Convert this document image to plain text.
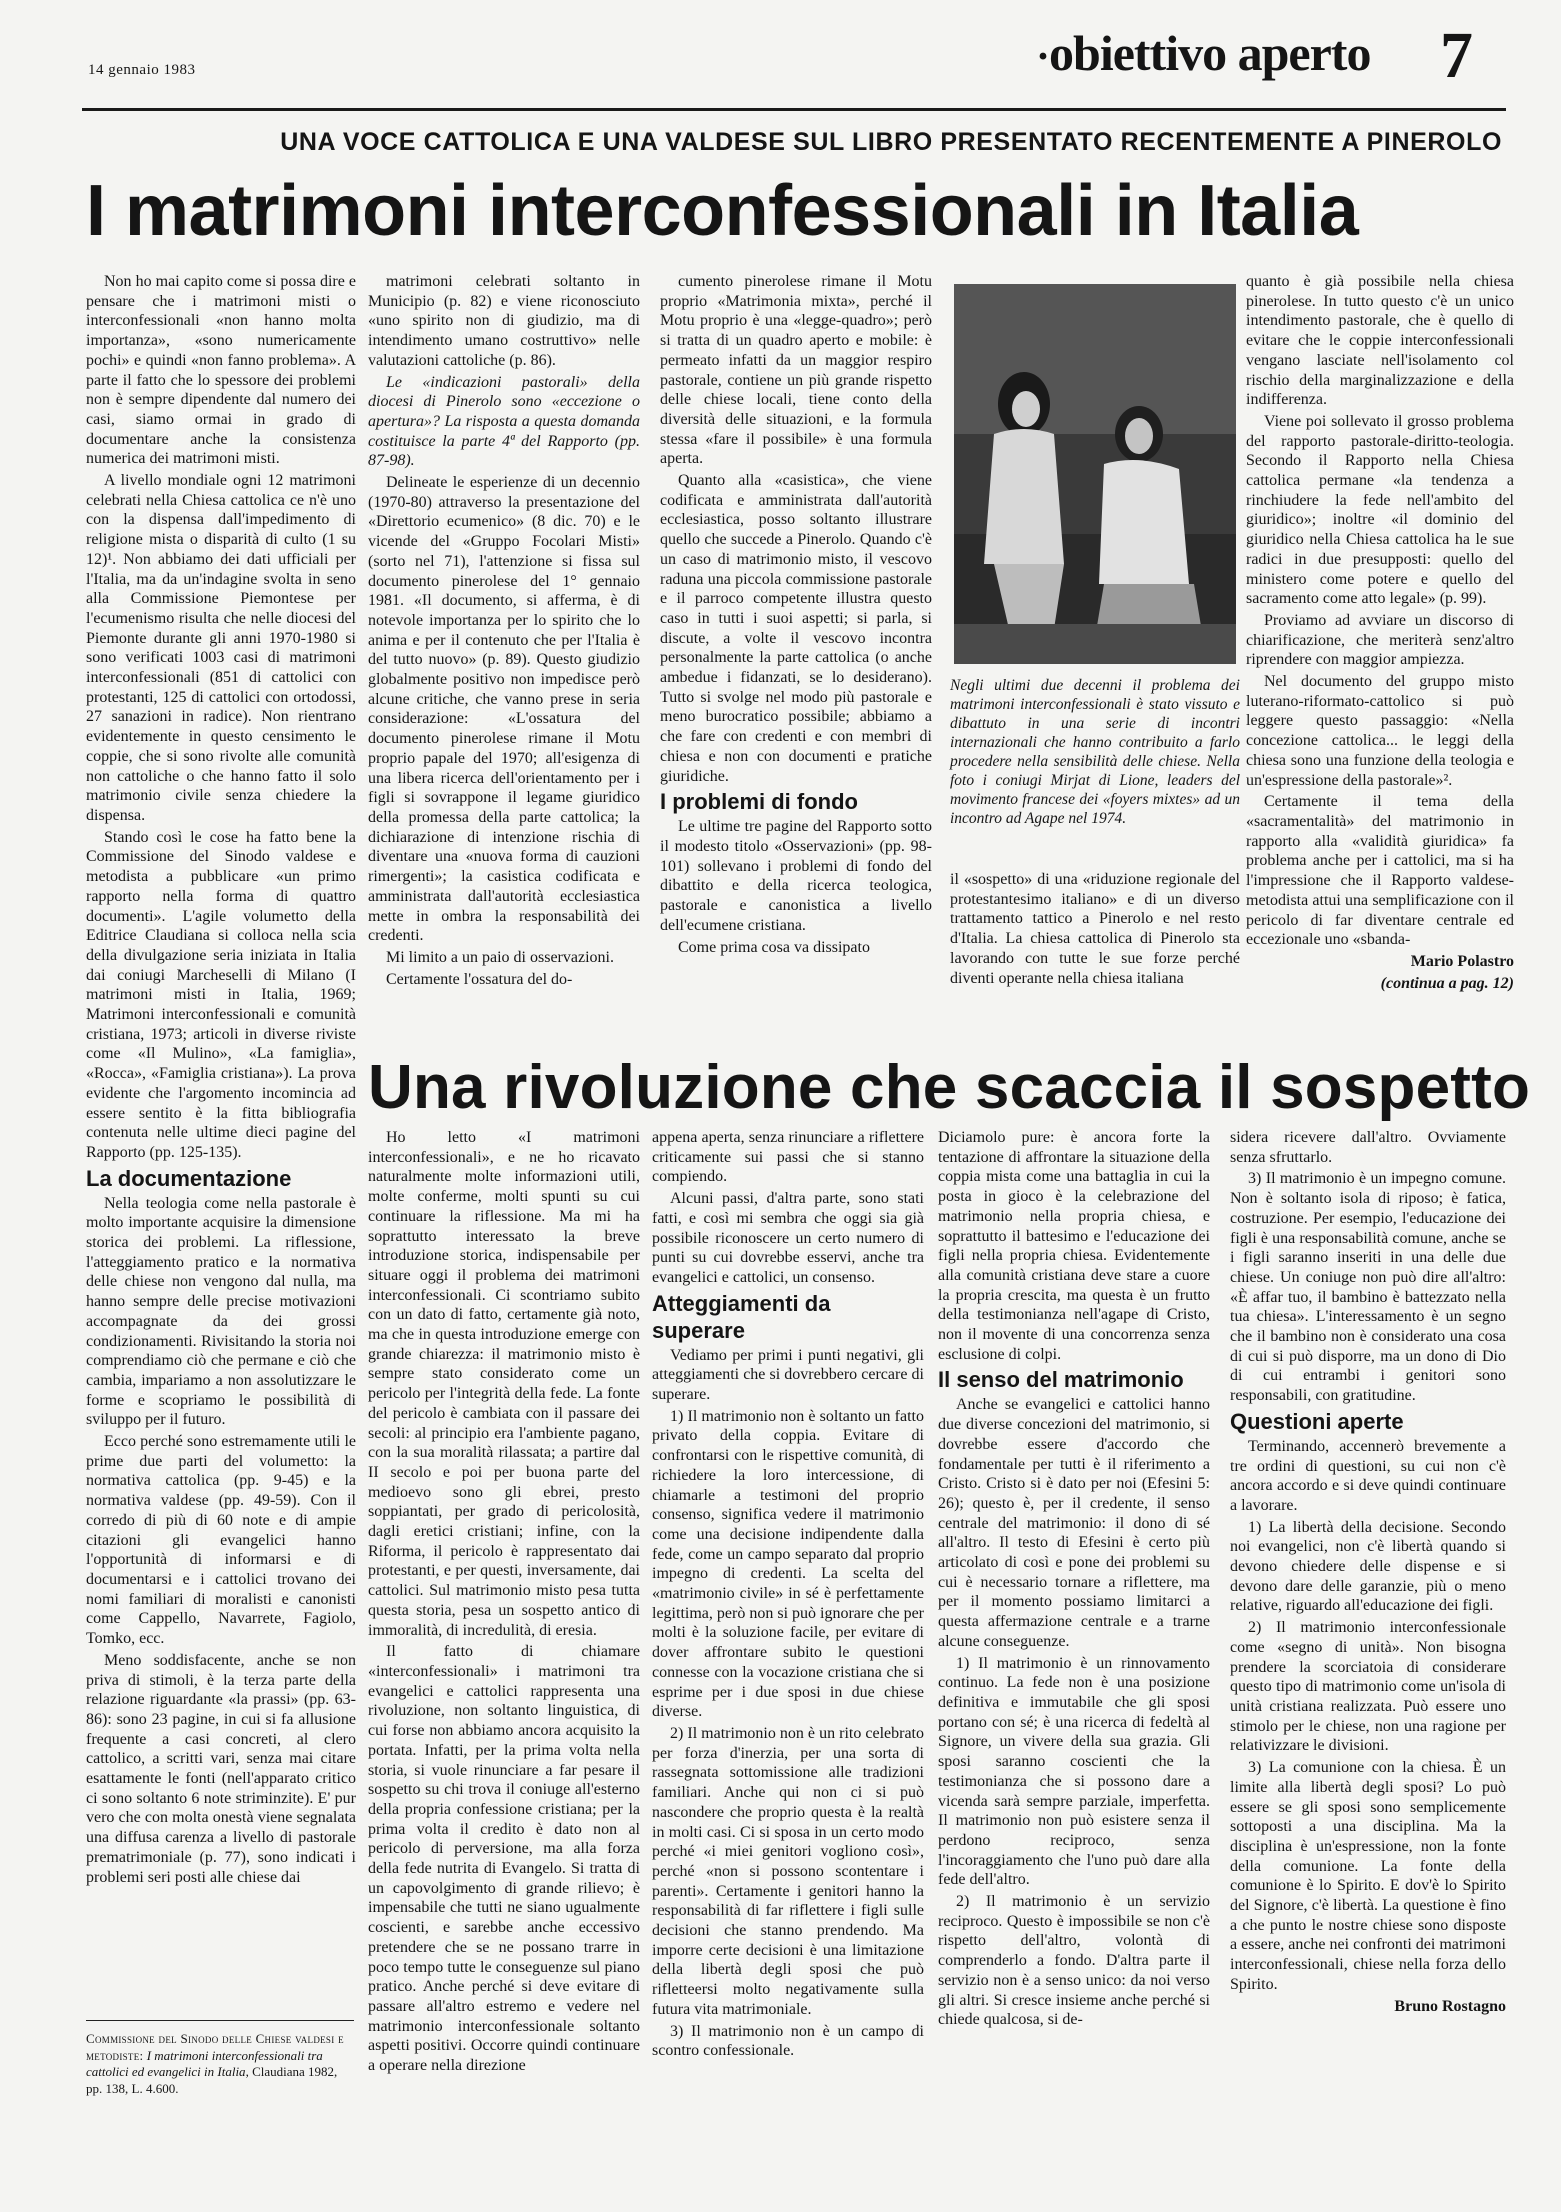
14 gennaio 1983	·obiettivo aperto 7
UNA VOCE CATTOLICA E UNA VALDESE SUL LIBRO PRESENTATO RECENTEMENTE A PINEROLO
I matrimoni interconfessionali in Italia

Non ho mai capito come si possa dire e pensare che i matrimoni misti o interconfessionali «non hanno molta importanza», «sono numericamente pochi» e quindi «non fanno problema». A parte il fatto che lo spessore dei problemi non è sempre dipendente dal numero dei casi, siamo ormai in grado di documentare anche la consistenza numerica dei matrimoni misti.

A livello mondiale ogni 12 matrimoni celebrati nella Chiesa cattolica ce n'è uno con la dispensa dall'impedimento di religione mista o disparità di culto (1 su 12)¹. Non abbiamo dei dati ufficiali per l'Italia, ma da un'indagine svolta in seno alla Commissione Piemontese per l'ecumenismo risulta che nelle diocesi del Piemonte durante gli anni 1970-1980 si sono verificati 1003 casi di matrimoni interconfessionali (851 di cattolici con protestanti, 125 di cattolici con ortodossi, 27 sanazioni in radice). Non rientrano evidentemente in questo censimento le coppie, che si sono rivolte alle comunità non cattoliche o che hanno fatto il solo matrimonio civile senza chiedere la dispensa.

Stando così le cose ha fatto bene la Commissione del Sinodo valdese e metodista a pubblicare «un primo rapporto nella forma di quattro documenti». L'agile volumetto della Editrice Claudiana si colloca nella scia della divulgazione seria iniziata in Italia dai coniugi Marcheselli di Milano (I matrimoni misti in Italia, 1969; Matrimoni interconfessionali e comunità cristiana, 1973; articoli in diverse riviste come «Il Mulino», «La famiglia», «Rocca», «Famiglia cristiana»). La prova evidente che l'argomento incomincia ad essere sentito è la fitta bibliografia contenuta nelle ultime dieci pagine del Rapporto (pp. 125-135).

La documentazione

Nella teologia come nella pastorale è molto importante acquisire la dimensione storica dei problemi. La riflessione, l'atteggiamento pratico e la normativa delle chiese non vengono dal nulla, ma hanno sempre delle precise motivazioni accompagnate da dei grossi condizionamenti. Rivisitando la storia noi comprendiamo ciò che permane e ciò che cambia, impariamo a non assolutizzare le forme e scopriamo le possibilità di sviluppo per il futuro.

Ecco perché sono estremamente utili le prime due parti del volumetto: la normativa cattolica (pp. 9-45) e la normativa valdese (pp. 49-59). Con il corredo di più di 60 note e di ampie citazioni gli evangelici hanno l'opportunità di informarsi e di documentarsi e i cattolici trovano dei nomi familiari di moralisti e canonisti come Cappello, Navarrete, Fagiolo, Tomko, ecc.

Meno soddisfacente, anche se non priva di stimoli, è la terza parte della relazione riguardante «la prassi» (pp. 63-86): sono 23 pagine, in cui si fa allusione frequente a casi concreti, al clero cattolico, a scritti vari, senza mai citare esattamente le fonti (nell'apparato critico ci sono soltanto 6 note striminzite). E' pur vero che con molta onestà viene segnalata una diffusa carenza a livello di pastorale prematrimoniale (p. 77), sono indicati i problemi seri posti alle chiese dai

matrimoni celebrati soltanto in Municipio (p. 82) e viene riconosciuto «uno spirito non di giudizio, ma di intendimento umano costruttivo» nelle valutazioni cattoliche (p. 86).

Le «indicazioni pastorali» della diocesi di Pinerolo sono «eccezione o apertura»? La risposta a questa domanda costituisce la parte 4ª del Rapporto (pp. 87-98).

Delineate le esperienze di un decennio (1970-80) attraverso la presentazione del «Direttorio ecumenico» (8 dic. 70) e le vicende del «Gruppo Focolari Misti» (sorto nel 71), l'attenzione si fissa sul documento pinerolese del 1° gennaio 1981. «Il documento, si afferma, è di notevole importanza per lo spirito che lo anima e per il contenuto che per l'Italia è del tutto nuovo» (p. 89). Questo giudizio globalmente positivo non impedisce però alcune critiche, che vanno prese in seria considerazione: «L'ossatura del documento pinerolese rimane il Motu proprio papale del 1970; all'esigenza di una libera ricerca dell'orientamento per i figli si sovrappone il legame giuridico della promessa della parte cattolica; la dichiarazione di intenzione rischia di diventare una «nuova forma di cauzioni rimergenti»; la casistica codificata e amministrata dall'autorità ecclesiastica mette in ombra la responsabilità dei credenti.

Mi limito a un paio di osservazioni.

Certamente l'ossatura del do-

cumento pinerolese rimane il Motu proprio «Matrimonia mixta», perché il Motu proprio è una «leggе-quadro»; però si tratta di un quadro aperto e mobile: è permeato infatti da un maggior respiro pastorale, contiene un più grande rispetto delle chiese locali, tiene conto della diversità delle situazioni, e la formula stessa «fare il possibile» è una formula aperta.

Quanto alla «casistica», che viene codificata e amministrata dall'autorità ecclesiastica, posso soltanto illustrare quello che succede a Pinerolo. Quando c'è un caso di matrimonio misto, il vescovo raduna una piccola commissione pastorale e il parroco competente illustra questo caso in tutti i suoi aspetti; si parla, si discute, a volte il vescovo incontra personalmente la parte cattolica (o anche ambedue i fidanzati, se lo desiderano). Tutto si svolge nel modo più pastorale e meno burocratico possibile; abbiamo a che fare con credenti e con membri di chiesa e non con documenti e pratiche giuridiche.

I problemi di fondo

Le ultime tre pagine del Rapporto sotto il modesto titolo «Osservazioni» (pp. 98-101) sollevano i problemi di fondo del dibattito e della ricerca teologica, pastorale e canonistica a livello dell'ecumene cristiana.

Come prima cosa va dissipato

Negli ultimi due decenni il problema dei matrimoni interconfessionali è stato vissuto e dibattuto in una serie di incontri internazionali che hanno contribuito a farlo procedere nella sensibilità delle chiese. Nella foto i coniugi Mirjat di Lione, leaders del movimento francese dei «foyers mixtes» ad un incontro ad Agape nel 1974.

il «sospetto» di una «riduzione regionale del protestantesimo italiano» e di un diverso trattamento tattico a Pinerolo e nel resto d'Italia. La chiesa cattolica di Pinerolo sta lavorando con tutte le sue forze perché diventi operante nella chiesa italiana

quanto è già possibile nella chiesa pinerolese. In tutto questo c'è un unico intendimento pastorale, che è quello di evitare che le coppie interconfessionali vengano lasciate nell'isolamento col rischio della marginalizzazione e della indifferenza.

Viene poi sollevato il grosso problema del rapporto pastorale-diritto-teologia. Secondo il Rapporto nella Chiesa cattolica permane «la tendenza a rinchiudere la fede nell'ambito del giuridico»; inoltre «il dominio del giuridico nella Chiesa cattolica ha le sue radici in due presupposti: quello del ministero come potere e quello del sacramento come atto legale» (p. 99).

Proviamo ad avviare un discorso di chiarificazione, che meriterà senz'altro riprendere con maggior ampiezza.

Nel documento del gruppo misto luterano-riformato-cattolico si può leggere questo passaggio: «Nella concezione cattolica... le leggi della chiesa sono una funzione della teologia e un'espressione della pastorale»².

Certamente il tema della «sacramentalità» del matrimonio in rapporto alla «validità giuridica» fa problema anche per i cattolici, ma si ha l'impressione che il Rapporto valdese-metodista attui una semplificazione con il pericolo di far diventare centrale ed eccezionale uno «sbanda-

Mario Polastro

(continua a pag. 12)

Commissione del Sinodo delle Chiese valdesi e metodiste: I matrimoni interconfessionali tra cattolici ed evangelici in Italia, Claudiana 1982, pp. 138, L. 4.600.
Una rivoluzione che scaccia il sospetto

Ho letto «I matrimoni interconfessionali», e ne ho ricavato naturalmente molte informazioni utili, molte conferme, molti spunti su cui continuare la riflessione. Ma mi ha soprattutto interessato la breve introduzione storica, indispensabile per situare oggi il problema dei matrimoni interconfessionali. Ci scontriamo subito con un dato di fatto, certamente già noto, ma che in questa introduzione emerge con grande chiarezza: il matrimonio misto è sempre stato considerato come un pericolo per l'integrità della fede. La fonte del pericolo è cambiata con il passare dei secoli: al principio era l'ambiente pagano, con la sua moralità rilassata; a partire dal II secolo e poi per buona parte del medioevo sono gli ebrei, presto soppiantati, per grado di pericolosità, dagli eretici cristiani; infine, con la Riforma, il pericolo è rappresentato dai protestanti, e per questi, inversamente, dai cattolici. Sul matrimonio misto pesa tutta questa storia, pesa un sospetto antico di immoralità, di incredulità, di eresia.

Il fatto di chiamare «interconfessionali» i matrimoni tra evangelici e cattolici rappresenta una rivoluzione, non soltanto linguistica, di cui forse non abbiamo ancora acquisito la portata. Infatti, per la prima volta nella storia, si vuole rinunciare a far pesare il sospetto su chi trova il coniuge all'esterno della propria confessione cristiana; per la prima volta il credito è dato non al pericolo di perversione, ma alla forza della fede nutrita di Evangelo. Si tratta di un capovolgimento di grande rilievo; è impensabile che tutti ne siano ugualmente coscienti, e sarebbe anche eccessivo pretendere che se ne possano trarre in poco tempo tutte le conseguenze sul piano pratico. Anche perché si deve evitare di passare all'altro estremo e vedere nel matrimonio interconfessionale soltanto aspetti positivi. Occorre quindi continuare a operare nella direzione

appena aperta, senza rinunciare a riflettere criticamente sui passi che si stanno compiendo.

Alcuni passi, d'altra parte, sono stati fatti, e così mi sembra che oggi sia già possibile riconoscere un certo numero di punti su cui dovrebbe esservi, anche tra evangelici e cattolici, un consenso.

Atteggiamenti da superare

Vediamo per primi i punti negativi, gli atteggiamenti che si dovrebbero cercare di superare.

1) Il matrimonio non è soltanto un fatto privato della coppia. Evitare di confrontarsi con le rispettive comunità, di richiedere la loro intercessione, di chiamarle a testimoni del proprio consenso, significa vedere il matrimonio come una decisione indipendente dalla fede, come un campo separato dal proprio impegno di credenti. La scelta del «matrimonio civile» in sé è perfettamente legittima, però non si può ignorare che per molti è la soluzione facile, per evitare di dover affrontare subito le questioni connesse con la vocazione cristiana che si esprime per i due sposi in due chiese diverse.

2) Il matrimonio non è un rito celebrato per forza d'inerzia, per una sorta di rassegnata sottomissione alle tradizioni familiari. Anche qui non ci si può nascondere che proprio questa è la realtà in molti casi. Ci si sposa in un certo modo perché «i miei genitori vogliono così», perché «non si possono scontentare i parenti». Certamente i genitori hanno la responsabilità di far riflettere i figli sulle decisioni che stanno prendendo. Ma imporre certe decisioni è una limitazione della libertà degli sposi che può rifletteersi molto negativamente sulla futura vita matrimoniale.

3) Il matrimonio non è un campo di scontro confessionale.

Diciamolo pure: è ancora forte la tentazione di affrontare la situazione della coppia mista come una battaglia in cui la posta in gioco è la celebrazione del matrimonio nella propria chiesa, e soprattutto il battesimo e l'educazione dei figli nella propria chiesa. Evidentemente alla comunità cristiana deve stare a cuore la propria crescita, ma questa è un frutto della testimonianza nell'agape di Cristo, non il movente di una concorrenza senza esclusione di colpi.

Il senso del matrimonio

Anche se evangelici e cattolici hanno due diverse concezioni del matrimonio, si dovrebbe essere d'accordo che fondamentale per tutti è il riferimento a Cristo. Cristo si è dato per noi (Efesini 5: 26); questo è, per il credente, il senso centrale del matrimonio: il dono di sé all'altro. Il testo di Efesini è certo più articolato di così e pone dei problemi su cui è necessario tornare a riflettere, ma per il momento possiamo limitarci a questa affermazione centrale e a trarne alcune conseguenze.

1) Il matrimonio è un rinnovamento continuo. La fede non è una posizione definitiva e immutabile che gli sposi portano con sé; è una ricerca di fedeltà al Signore, un vivere della sua grazia. Gli sposi saranno coscienti che la testimonianza che si possono dare a vicenda sarà sempre parziale, imperfetta. Il matrimonio non può esistere senza il perdono reciproco, senza l'incoraggiamento che l'uno può dare alla fede dell'altro.

2) Il matrimonio è un servizio reciproco. Questo è impossibile se non c'è rispetto dell'altro, volontà di comprenderlo a fondo. D'altra parte il servizio non è a senso unico: da noi verso gli altri. Si cresce insieme anche perché si chiede qualcosa, si de-

sidera ricevere dall'altro. Ovviamente senza sfruttarlo.

3) Il matrimonio è un impegno comune. Non è soltanto isola di riposo; è fatica, costruzione. Per esempio, l'educazione dei figli è una responsabilità comune, anche se i figli saranno inseriti in una delle due chiese. Un coniuge non può dire all'altro: «È affar tuo, il bambino è battezzato nella tua chiesa». L'interessamento è un segno che il bambino non è considerato una cosa di cui si può disporre, ma un dono di Dio di cui entrambi i genitori sono responsabili, con gratitudine.

Questioni aperte

Terminando, accennerò brevemente a tre ordini di questioni, su cui non c'è ancora accordo e si deve quindi continuare a lavorare.

1) La libertà della decisione. Secondo noi evangelici, non c'è libertà quando si devono chiedere delle dispense e si devono dare delle garanzie, più o meno relative, riguardo all'educazione dei figli.

2) Il matrimonio interconfessionale come «segno di unità». Non bisogna prendere la scorciatoia di considerare questo tipo di matrimonio come un'isola di unità cristiana realizzata. Può essere uno stimolo per le chiese, non una ragione per relativizzare le divisioni.

3) La comunione con la chiesa. È un limite alla libertà degli sposi? Lo può essere se gli sposi sono semplicemente sottoposti a una disciplina. Ma la disciplina è un'espressione, non la fonte della comunione. La fonte della comunione è lo Spirito. E dov'è lo Spirito del Signore, c'è libertà. La questione è fino a che punto le nostre chiese sono disposte a essere, anche nei confronti dei matrimoni interconfessionali, chiese nella forza dello Spirito.

Bruno Rostagno
